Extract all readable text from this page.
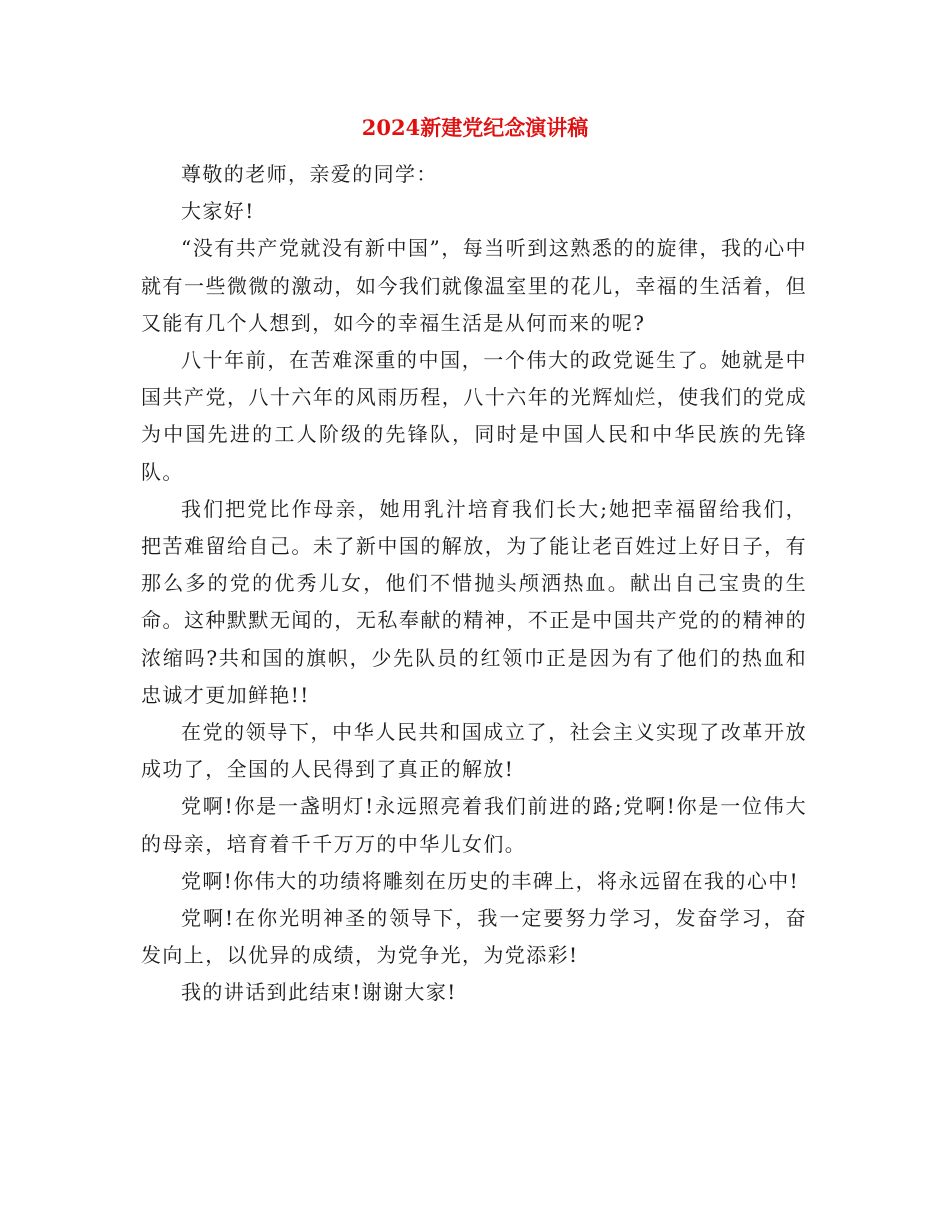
2024新建党纪念演讲稿

尊敬的老师，亲爱的同学：

大家好!

“没有共产党就没有新中国”，每当听到这熟悉的的旋律，我的心中就有一些微微的激动，如今我们就像温室里的花儿，幸福的生活着，但又能有几个人想到，如今的幸福生活是从何而来的呢?

八十年前，在苦难深重的中国，一个伟大的政党诞生了。她就是中国共产党，八十六年的风雨历程，八十六年的光辉灿烂，使我们的党成为中国先进的工人阶级的先锋队，同时是中国人民和中华民族的先锋队。

我们把党比作母亲，她用乳汁培育我们长大;她把幸福留给我们，把苦难留给自己。未了新中国的解放，为了能让老百姓过上好日子，有那么多的党的优秀儿女，他们不惜抛头颅洒热血。献出自己宝贵的生命。这种默默无闻的，无私奉献的精神，不正是中国共产党的的精神的浓缩吗?共和国的旗帜，少先队员的红领巾正是因为有了他们的热血和忠诚才更加鲜艳!!

在党的领导下，中华人民共和国成立了，社会主义实现了改革开放成功了，全国的人民得到了真正的解放!

党啊!你是一盏明灯!永远照亮着我们前进的路;党啊!你是一位伟大的母亲，培育着千千万万的中华儿女们。

党啊!你伟大的功绩将雕刻在历史的丰碑上，将永远留在我的心中!

党啊!在你光明神圣的领导下，我一定要努力学习，发奋学习，奋发向上，以优异的成绩，为党争光，为党添彩!

我的讲话到此结束!谢谢大家!
